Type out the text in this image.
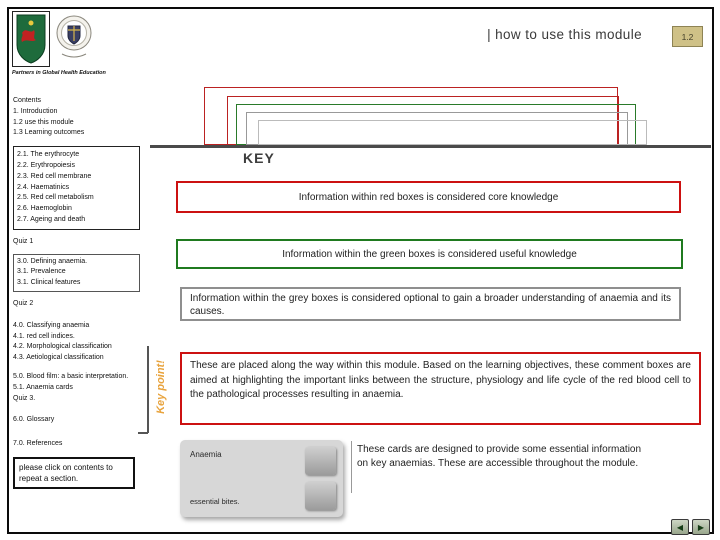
Partners in Global Health Education
| how to use this module	1.2
Contents
1. Introduction
1.2 use this module
1.3 Learning outcomes
2.1. The erythrocyte
2.2. Erythropoiesis
2.3. Red cell membrane
2.4. Haematinics
2.5. Red cell metabolism
2.6. Haemoglobin
2.7. Ageing and death
Quiz 1
3.0. Defining anaemia.
3.1. Prevalence
3.1. Clinical features
Quiz 2
4.0. Classifying anaemia
4.1. red cell indices.
4.2. Morphological classification
4.3. Aetiological classification
5.0. Blood film: a basic interpretation.
5.1. Anaemia cards
Quiz 3.
6.0. Glossary
7.0. References
please click on contents to repeat a section.
KEY
Information within red boxes is considered core knowledge
Information within the green boxes is considered useful knowledge
Information within the grey boxes is considered optional to gain a broader understanding of anaemia and its causes.
Key point!	These are placed along the way within this module. Based on the learning objectives, these comment boxes are aimed at highlighting the important links between the structure, physiology and life cycle of the red blood cell to the pathological processes resulting in anaemia.
Anaemia
essential bites.
These cards are designed to provide some essential information on key anaemias. These are accessible throughout the module.
◀ ▶
